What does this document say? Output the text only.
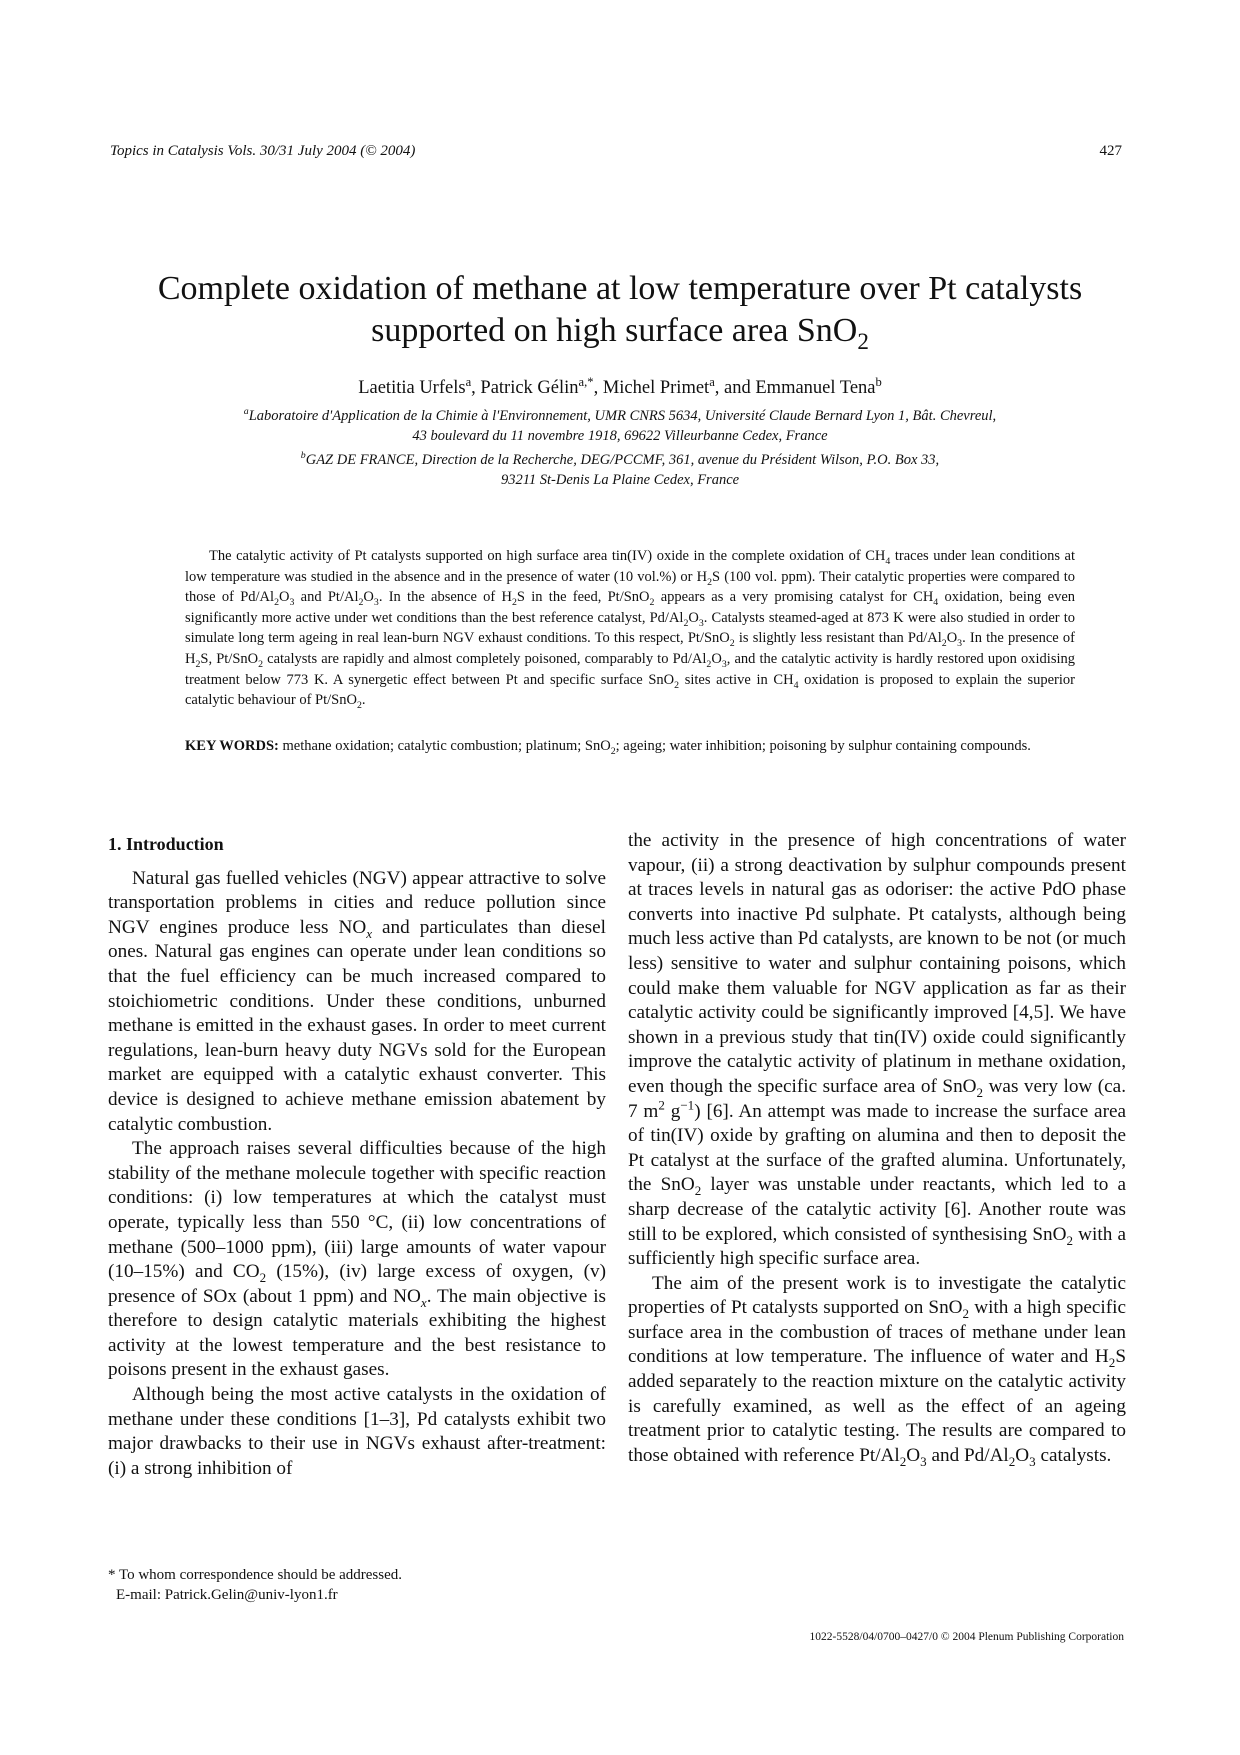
Topics in Catalysis Vols. 30/31 July 2004 (© 2004)	427
Complete oxidation of methane at low temperature over Pt catalysts
supported on high surface area SnO$_2$
Laetitia Urfels$^a$, Patrick Gélin$^{a,*}$, Michel Primet$^a$, and Emmanuel Tena$^b$
$^a$Laboratoire d'Application de la Chimie à l'Environnement, UMR CNRS 5634, Université Claude Bernard Lyon 1, Bât. Chevreul,
43 boulevard du 11 novembre 1918, 69622 Villeurbanne Cedex, France
$^b$GAZ DE FRANCE, Direction de la Recherche, DEG/PCCMF, 361, avenue du Président Wilson, P.O. Box 33,
93211 St-Denis La Plaine Cedex, France
The catalytic activity of Pt catalysts supported on high surface area tin(IV) oxide in the complete oxidation of $CH_4$ traces under lean conditions at low temperature was studied in the absence and in the presence of water (10 vol.%) or $H_2S$ (100 vol. ppm). Their catalytic properties were compared to those of $Pd/Al_2O_3$ and $Pt/Al_2O_3$. In the absence of $H_2S$ in the feed, Pt/SnO$_2$ appears as a very promising catalyst for $CH_4$ oxidation, being even significantly more active under wet conditions than the best reference catalyst, $Pd/Al_2O_3$. Catalysts steamed-aged at 873 K were also studied in order to simulate long term ageing in real lean-burn NGV exhaust conditions. To this respect, Pt/SnO$_2$ is slightly less resistant than $Pd/Al_2O_3$. In the presence of $H_2S$, Pt/SnO$_2$ catalysts are rapidly and almost completely poisoned, comparably to $Pd/Al_2O_3$, and the catalytic activity is hardly restored upon oxidising treatment below 773 K. A synergetic effect between Pt and specific surface SnO$_2$ sites active in $CH_4$ oxidation is proposed to explain the superior catalytic behaviour of Pt/SnO$_2$.
KEY WORDS: methane oxidation; catalytic combustion; platinum; SnO$_2$; ageing; water inhibition; poisoning by sulphur containing compounds.
1. Introduction

Natural gas fuelled vehicles (NGV) appear attractive to solve transportation problems in cities and reduce pollution since NGV engines produce less $NO_x$ and particulates than diesel ones. Natural gas engines can operate under lean conditions so that the fuel efficiency can be much increased compared to stoichiometric conditions. Under these conditions, unburned methane is emitted in the exhaust gases. In order to meet current regulations, lean-burn heavy duty NGVs sold for the European market are equipped with a catalytic exhaust converter. This device is designed to achieve methane emission abatement by catalytic combustion.

The approach raises several difficulties because of the high stability of the methane molecule together with specific reaction conditions: (i) low temperatures at which the catalyst must operate, typically less than 550 °C, (ii) low concentrations of methane (500–1000 ppm), (iii) large amounts of water vapour (10–15%) and $CO_2$ (15%), (iv) large excess of oxygen, (v) presence of SOx (about 1 ppm) and $NO_x$. The main objective is therefore to design catalytic materials exhibiting the highest activity at the lowest temperature and the best resistance to poisons present in the exhaust gases.

Although being the most active catalysts in the oxidation of methane under these conditions [1–3], Pd catalysts exhibit two major drawbacks to their use in NGVs exhaust after-treatment: (i) a strong inhibition of

the activity in the presence of high concentrations of water vapour, (ii) a strong deactivation by sulphur compounds present at traces levels in natural gas as odoriser: the active PdO phase converts into inactive Pd sulphate. Pt catalysts, although being much less active than Pd catalysts, are known to be not (or much less) sensitive to water and sulphur containing poisons, which could make them valuable for NGV application as far as their catalytic activity could be significantly improved [4,5]. We have shown in a previous study that tin(IV) oxide could significantly improve the catalytic activity of platinum in methane oxidation, even though the specific surface area of SnO$_2$ was very low (ca. 7 $m^2$ $g^{-1}$) [6]. An attempt was made to increase the surface area of tin(IV) oxide by grafting on alumina and then to deposit the Pt catalyst at the surface of the grafted alumina. Unfortunately, the SnO$_2$ layer was unstable under reactants, which led to a sharp decrease of the catalytic activity [6]. Another route was still to be explored, which consisted of synthesising SnO$_2$ with a sufficiently high specific surface area.

The aim of the present work is to investigate the catalytic properties of Pt catalysts supported on SnO$_2$ with a high specific surface area in the combustion of traces of methane under lean conditions at low temperature. The influence of water and $H_2S$ added separately to the reaction mixture on the catalytic activity is carefully examined, as well as the effect of an ageing treatment prior to catalytic testing. The results are compared to those obtained with reference $Pt/Al_2O_3$ and $Pd/Al_2O_3$ catalysts.

* To whom correspondence should be addressed.
E-mail: Patrick.Gelin@univ-lyon1.fr
1022-5528/04/0700–0427/0 © 2004 Plenum Publishing Corporation
